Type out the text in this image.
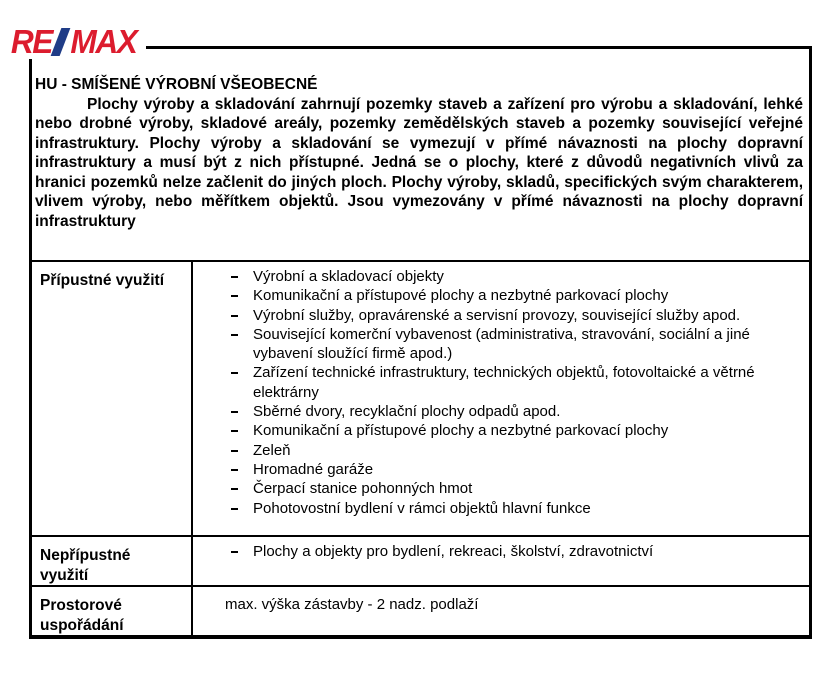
RE MAX
HU - SMÍŠENÉ VÝROBNÍ VŠEOBECNÉ
Plochy výroby a skladování zahrnují pozemky staveb a zařízení pro výrobu a skladování, lehké nebo drobné výroby, skladové areály, pozemky zemědělských staveb a pozemky související veřejné infrastruktury. Plochy výroby a skladování se vymezují v přímé návaznosti na plochy dopravní infrastruktury a musí být z nich přístupné. Jedná se o plochy, které z důvodů negativních vlivů za hranici pozemků nelze začlenit do jiných ploch. Plochy výroby, skladů, specifických svým charakterem, vlivem výroby, nebo měřítkem objektů. Jsou vymezovány v přímé návaznosti na plochy dopravní infrastruktury
Přípustné využití	Výrobní a skladovací objekty
Komunikační a přístupové plochy a nezbytné parkovací plochy
Výrobní služby, opravárenské a servisní provozy, související služby apod.
Související komerční vybavenost (administrativa, stravování, sociální a jiné vybavení sloužící firmě apod.)
Zařízení technické infrastruktury, technických objektů, fotovoltaické a větrné elektrárny
Sběrné dvory, recyklační plochy odpadů apod.
Komunikační a přístupové plochy a nezbytné parkovací plochy
Zeleň
Hromadné garáže
Čerpací stanice pohonných hmot
Pohotovostní bydlení v rámci objektů hlavní funkce
Nepřípustné využití
Plochy a objekty pro bydlení, rekreaci, školství, zdravotnictví
Prostorové uspořádání
max. výška zástavby - 2 nadz. podlaží
